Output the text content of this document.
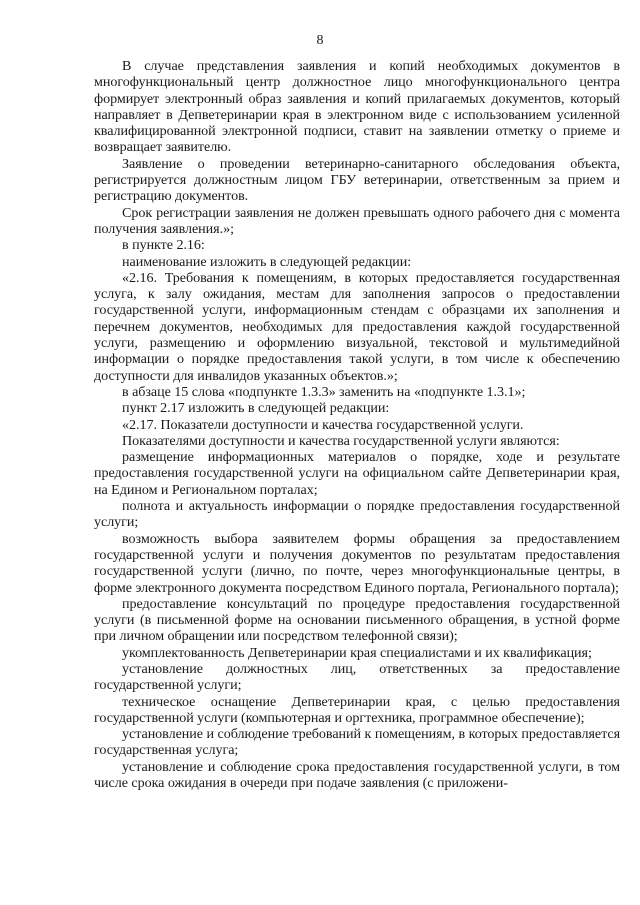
8

В случае представления заявления и копий необходимых документов в многофункциональный центр должностное лицо многофункционального центра формирует электронный образ заявления и копий прилагаемых документов, который направляет в Депветеринарии края в электронном виде с использованием усиленной квалифицированной электронной подписи, ставит на заявлении отметку о приеме и возвращает заявителю.

Заявление о проведении ветеринарно-санитарного обследования объекта, регистрируется должностным лицом ГБУ ветеринарии, ответственным за прием и регистрацию документов.

Срок регистрации заявления не должен превышать одного рабочего дня с момента получения заявления.»;

в пункте 2.16:

наименование изложить в следующей редакции:

«2.16. Требования к помещениям, в которых предоставляется государственная услуга, к залу ожидания, местам для заполнения запросов о предоставлении государственной услуги, информационным стендам с образцами их заполнения и перечнем документов, необходимых для предоставления каждой государственной услуги, размещению и оформлению визуальной, текстовой и мультимедийной информации о порядке предоставления такой услуги, в том числе к обеспечению доступности для инвалидов указанных объектов.»;

в абзаце 15 слова «подпункте 1.3.3» заменить на «подпункте 1.3.1»;

пункт 2.17 изложить в следующей редакции:

«2.17. Показатели доступности и качества государственной услуги.

Показателями доступности и качества государственной услуги являются:

размещение информационных материалов о порядке, ходе и результате предоставления государственной услуги на официальном сайте Депветеринарии края, на Едином и Региональном порталах;

полнота и актуальность информации о порядке предоставления государственной услуги;

возможность выбора заявителем формы обращения за предоставлением государственной услуги и получения документов по результатам предоставления государственной услуги (лично, по почте, через многофункциональные центры, в форме электронного документа посредством Единого портала, Регионального портала);

предоставление консультаций по процедуре предоставления государственной услуги (в письменной форме на основании письменного обращения, в устной форме при личном обращении или посредством телефонной связи);

укомплектованность Депветеринарии края специалистами и их квалификация;

установление должностных лиц, ответственных за предоставление государственной услуги;

техническое оснащение Депветеринарии края, с целью предоставления государственной услуги (компьютерная и оргтехника, программное обеспечение);

установление и соблюдение требований к помещениям, в которых предоставляется государственная услуга;

установление и соблюдение срока предоставления государственной услуги, в том числе срока ожидания в очереди при подаче заявления (с приложени-
